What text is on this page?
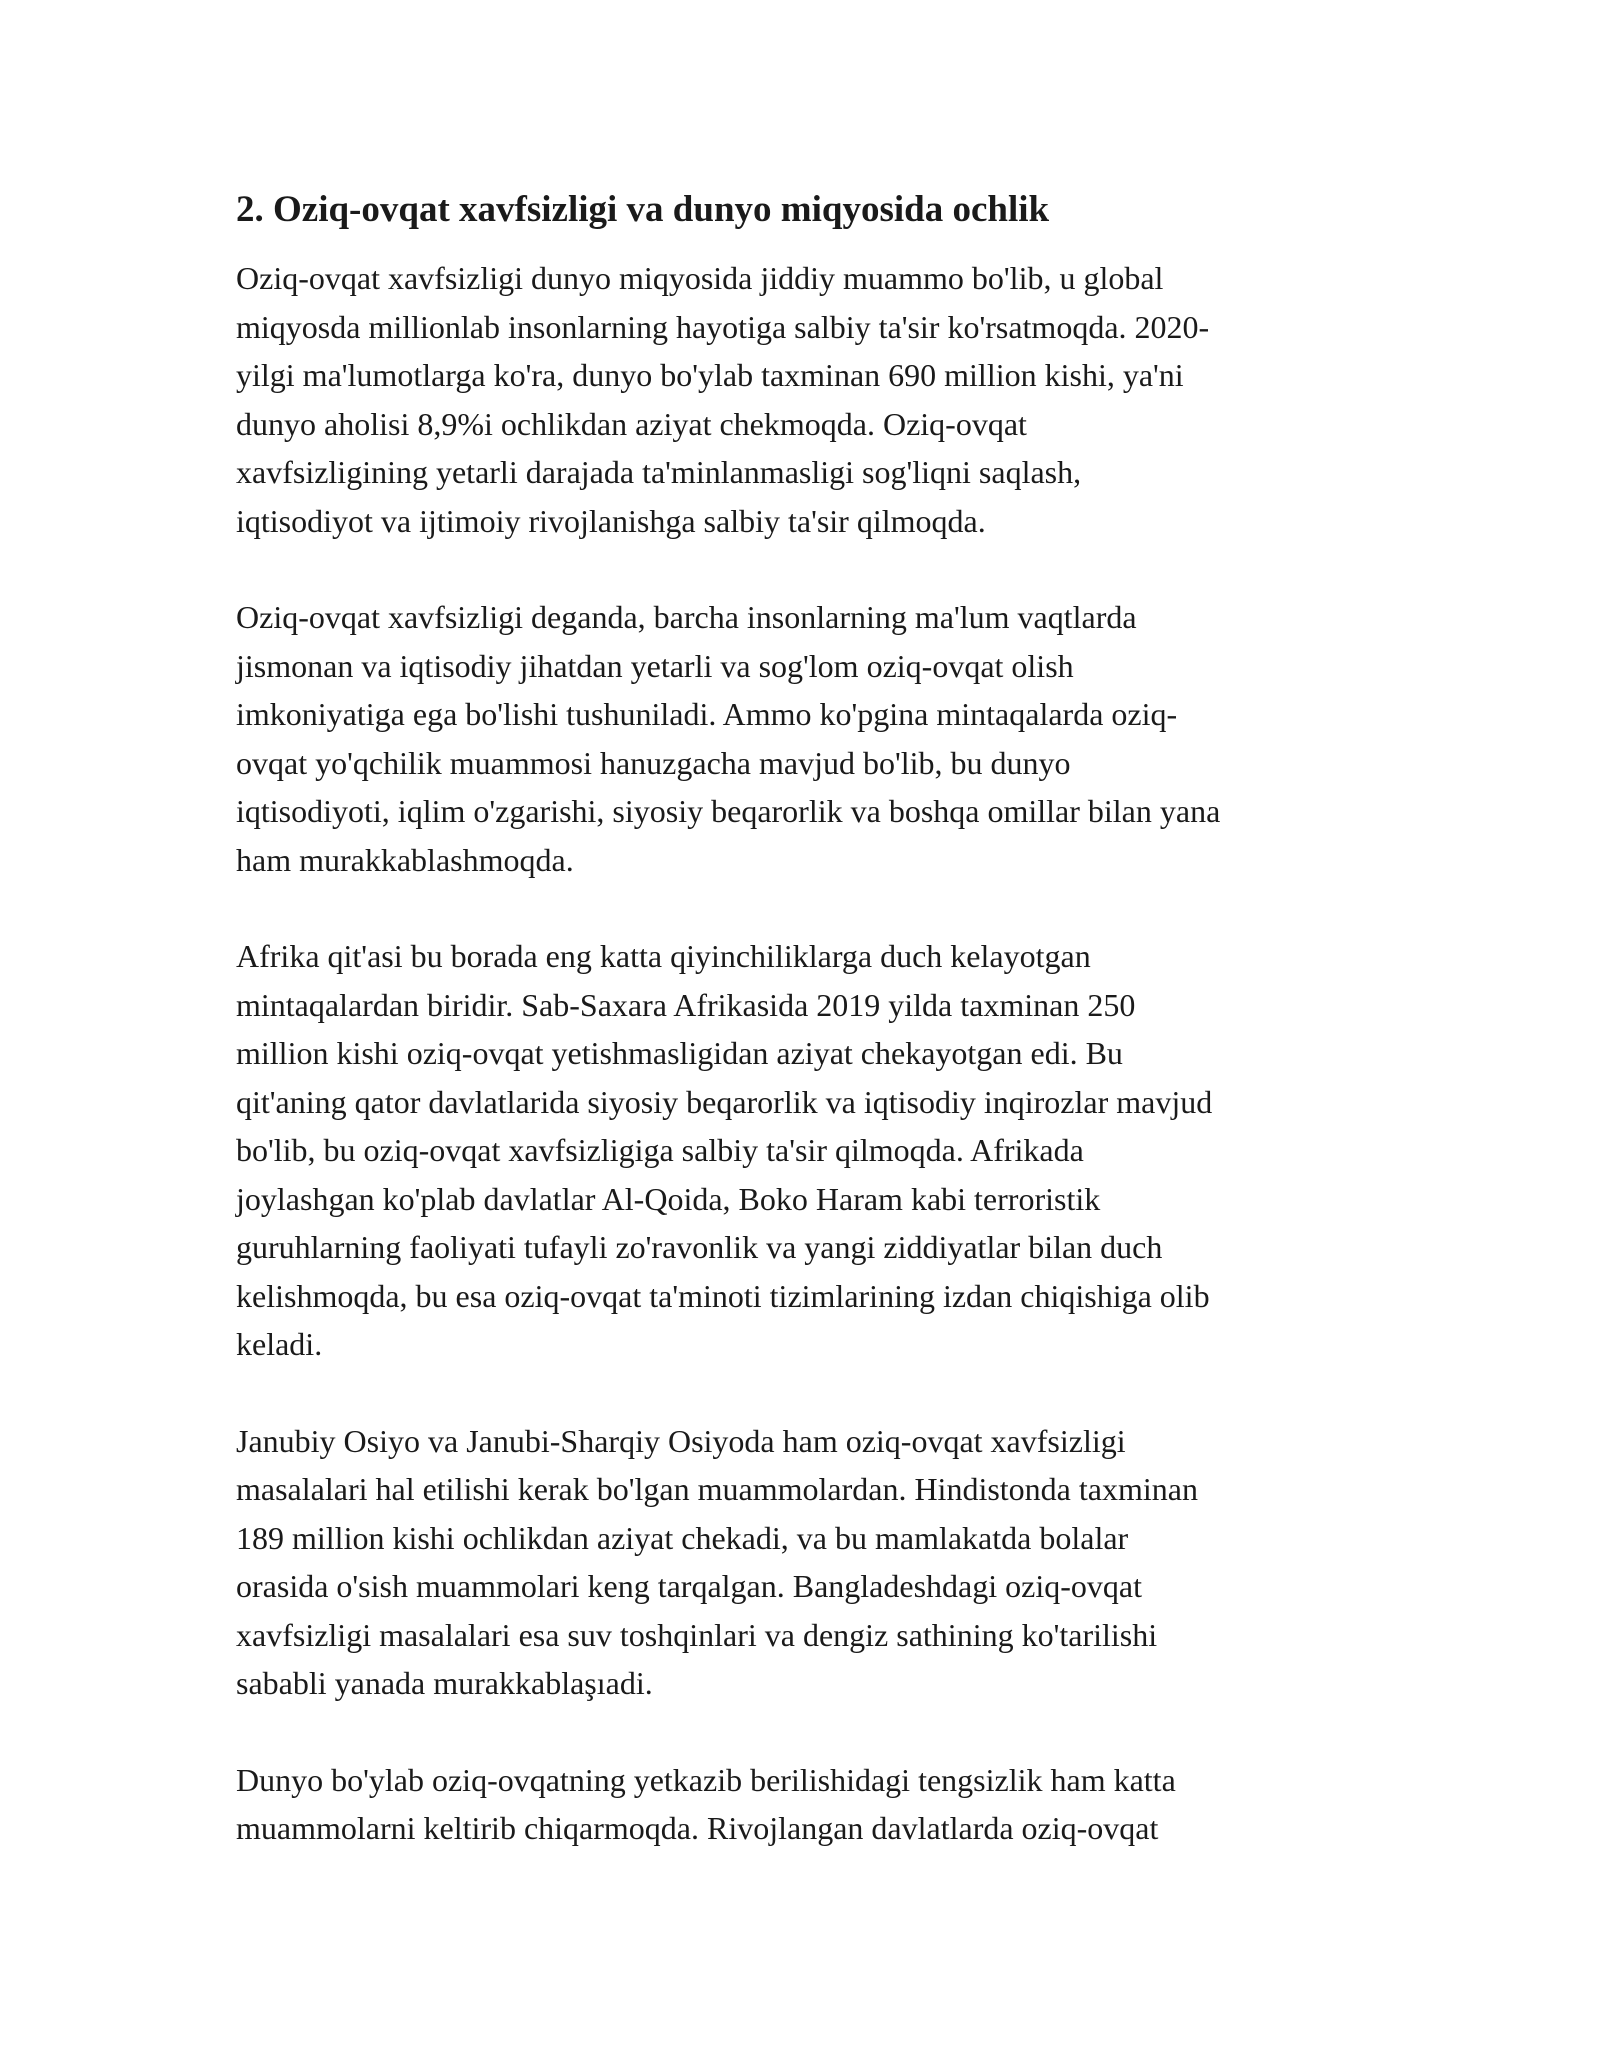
2. Oziq-ovqat xavfsizligi va dunyo miqyosida ochlik
Oziq-ovqat xavfsizligi dunyo miqyosida jiddiy muammo bo'lib, u global
miqyosda millionlab insonlarning hayotiga salbiy ta'sir ko'rsatmoqda. 2020-
yilgi ma'lumotlarga ko'ra, dunyo bo'ylab taxminan 690 million kishi, ya'ni
dunyo aholisi 8,9%i ochlikdan aziyat chekmoqda. Oziq-ovqat
xavfsizligining yetarli darajada ta'minlanmasligi sog'liqni saqlash,
iqtisodiyot va ijtimoiy rivojlanishga salbiy ta'sir qilmoqda.
Oziq-ovqat xavfsizligi deganda, barcha insonlarning ma'lum vaqtlarda
jismonan va iqtisodiy jihatdan yetarli va sog'lom oziq-ovqat olish
imkoniyatiga ega bo'lishi tushuniladi. Ammo ko'pgina mintaqalarda oziq-
ovqat yo'qchilik muammosi hanuzgacha mavjud bo'lib, bu dunyo
iqtisodiyoti, iqlim o'zgarishi, siyosiy beqarorlik va boshqa omillar bilan yana
ham murakkablashmoqda.
Afrika qit'asi bu borada eng katta qiyinchiliklarga duch kelayotgan
mintaqalardan biridir. Sab-Saxara Afrikasida 2019 yilda taxminan 250
million kishi oziq-ovqat yetishmasligidan aziyat chekayotgan edi. Bu
qit'aning qator davlatlarida siyosiy beqarorlik va iqtisodiy inqirozlar mavjud
bo'lib, bu oziq-ovqat xavfsizligiga salbiy ta'sir qilmoqda. Afrikada
joylashgan ko'plab davlatlar Al-Qoida, Boko Haram kabi terroristik
guruhlarning faoliyati tufayli zo'ravonlik va yangi ziddiyatlar bilan duch
kelishmoqda, bu esa oziq-ovqat ta'minoti tizimlarining izdan chiqishiga olib
keladi.
Janubiy Osiyo va Janubi-Sharqiy Osiyoda ham oziq-ovqat xavfsizligi
masalalari hal etilishi kerak bo'lgan muammolardan. Hindistonda taxminan
189 million kishi ochlikdan aziyat chekadi, va bu mamlakatda bolalar
orasida o'sish muammolari keng tarqalgan. Bangladeshdagi oziq-ovqat
xavfsizligi masalalari esa suv toshqinlari va dengiz sathining ko'tarilishi
sababli yanada murakkablaşıadi.
Dunyo bo'ylab oziq-ovqatning yetkazib berilishidagi tengsizlik ham katta
muammolarni keltirib chiqarmoqda. Rivojlangan davlatlarda oziq-ovqat
